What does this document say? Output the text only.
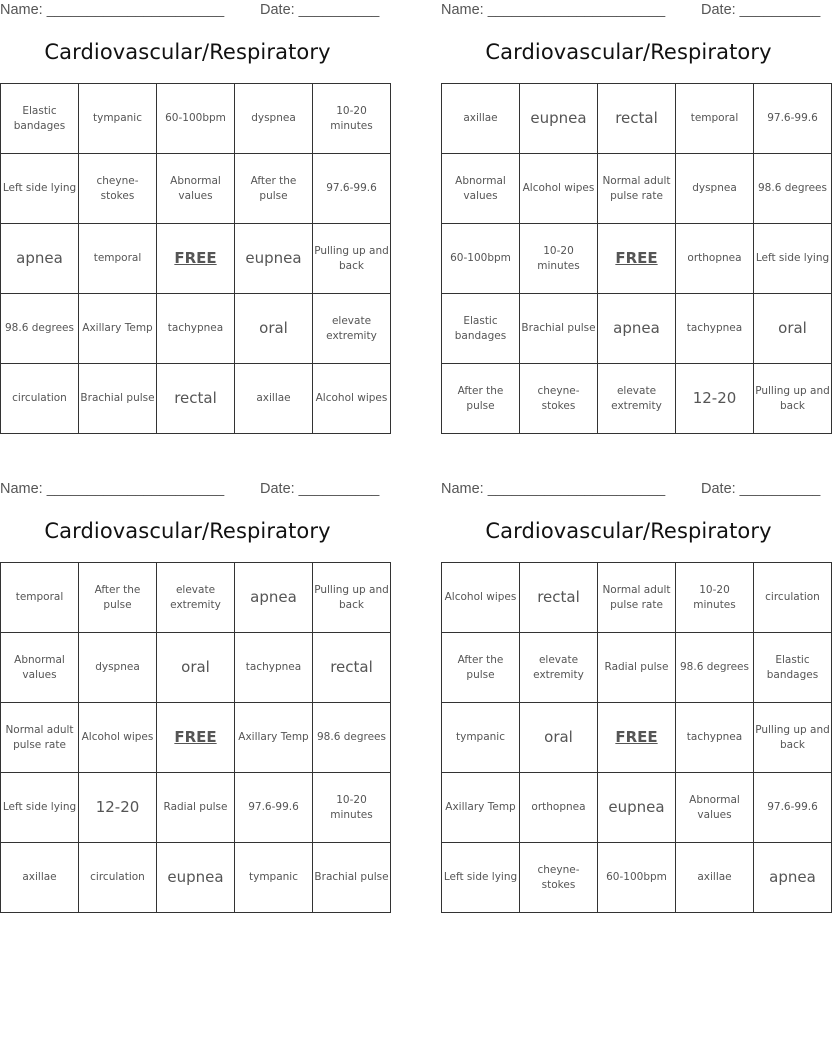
Name: ______________________ Date: __________
Cardiovascular/Respiratory
Elastic bandages	tympanic	60-100bpm	dyspnea	10-20 minutes
Left side lying	cheyne-stokes	Abnormal values	After the pulse	97.6-99.6
apnea	temporal	FREE	eupnea	Pulling up and back
98.6 degrees	Axillary Temp	tachypnea	oral	elevate extremity
circulation	Brachial pulse	rectal	axillae	Alcohol wipes
Name: ______________________ Date: __________
Cardiovascular/Respiratory
axillae	eupnea	rectal	temporal	97.6-99.6
Abnormal values	Alcohol wipes	Normal adult pulse rate	dyspnea	98.6 degrees
60-100bpm	10-20 minutes	FREE	orthopnea	Left side lying
Elastic bandages	Brachial pulse	apnea	tachypnea	oral
After the pulse	cheyne-stokes	elevate extremity	12-20	Pulling up and back
Name: ______________________ Date: __________
Cardiovascular/Respiratory
temporal	After the pulse	elevate extremity	apnea	Pulling up and back
Abnormal values	dyspnea	oral	tachypnea	rectal
Normal adult pulse rate	Alcohol wipes	FREE	Axillary Temp	98.6 degrees
Left side lying	12-20	Radial pulse	97.6-99.6	10-20 minutes
axillae	circulation	eupnea	tympanic	Brachial pulse
Name: ______________________ Date: __________
Cardiovascular/Respiratory
Alcohol wipes	rectal	Normal adult pulse rate	10-20 minutes	circulation
After the pulse	elevate extremity	Radial pulse	98.6 degrees	Elastic bandages
tympanic	oral	FREE	tachypnea	Pulling up and back
Axillary Temp	orthopnea	eupnea	Abnormal values	97.6-99.6
Left side lying	cheyne-stokes	60-100bpm	axillae	apnea
